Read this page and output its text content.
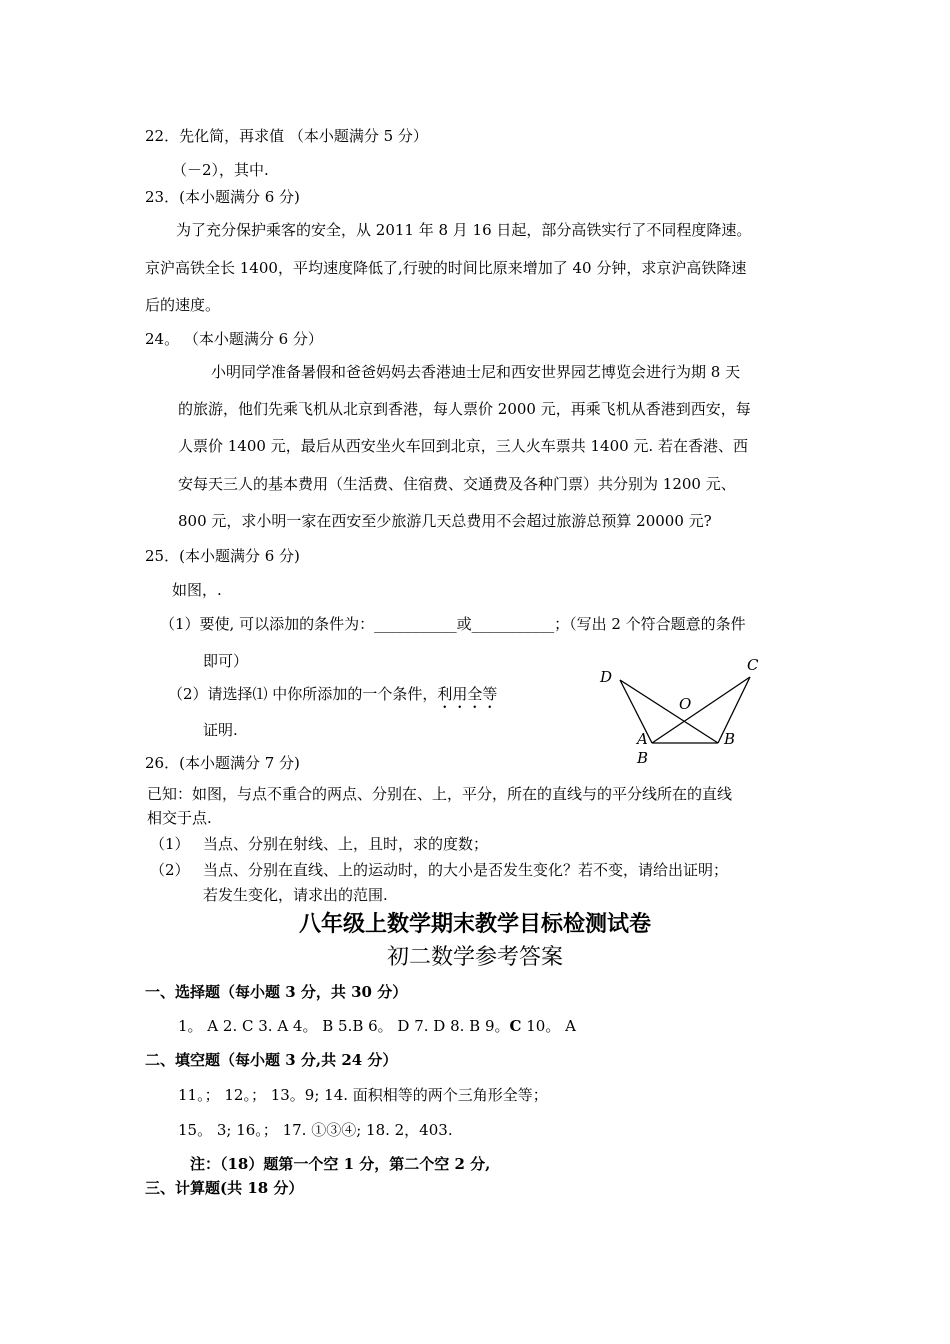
22．先化简，再求值 （本小题满分 5 分）
（－2），其中.
23．(本小题满分 6 分)
为了充分保护乘客的安全，从 2011 年 8 月 16 日起，部分高铁实行了不同程度降速。
京沪高铁全长 1400，平均速度降低了,行驶的时间比原来增加了 40 分钟，求京沪高铁降速
后的速度。
24。 （本小题满分 6 分）
小明同学准备暑假和爸爸妈妈去香港迪士尼和西安世界园艺博览会进行为期 8 天
的旅游，他们先乘飞机从北京到香港，每人票价 2000 元，再乘飞机从香港到西安，每
人票价 1400 元，最后从西安坐火车回到北京，三人火车票共 1400 元. 若在香港、西
安每天三人的基本费用（生活费、住宿费、交通费及各种门票）共分别为 1200 元、
800 元，求小明一家在西安至少旅游几天总费用不会超过旅游总预算 20000 元?
25．(本小题满分 6 分)
如图，.
（1）要使, 可以添加的条件为：___________或___________；（写出 2 个符合题意的条件
即可）
（2）请选择⑴ 中你所添加的一个条件，利用全等
证明.
D
C
O
A	B
B
26．(本小题满分 7 分)
已知：如图，与点不重合的两点、分别在、上，平分，所在的直线与的平分线所在的直线
相交于点.
（1） 当点、分别在射线、上，且时，求的度数；
（2） 当点、分别在直线、上的运动时，的大小是否发生变化？若不变，请给出证明；
若发生变化，请求出的范围.
八年级上数学期末教学目标检测试卷
初二数学参考答案
一、选择题（每小题 3 分，共 30 分）
1。 A 2. C 3. A 4。 B 5.B 6。 D 7. D 8. B 9。C 10。 A
二、填空题（每小题 3 分,共 24 分）
11。； 12。； 13。9; 14. 面积相等的两个三角形全等；
15。 3; 16。； 17. ①③④; 18. 2，403.
注：（18）题第一个空 1 分，第二个空 2 分,
三、计算题(共 18 分）
